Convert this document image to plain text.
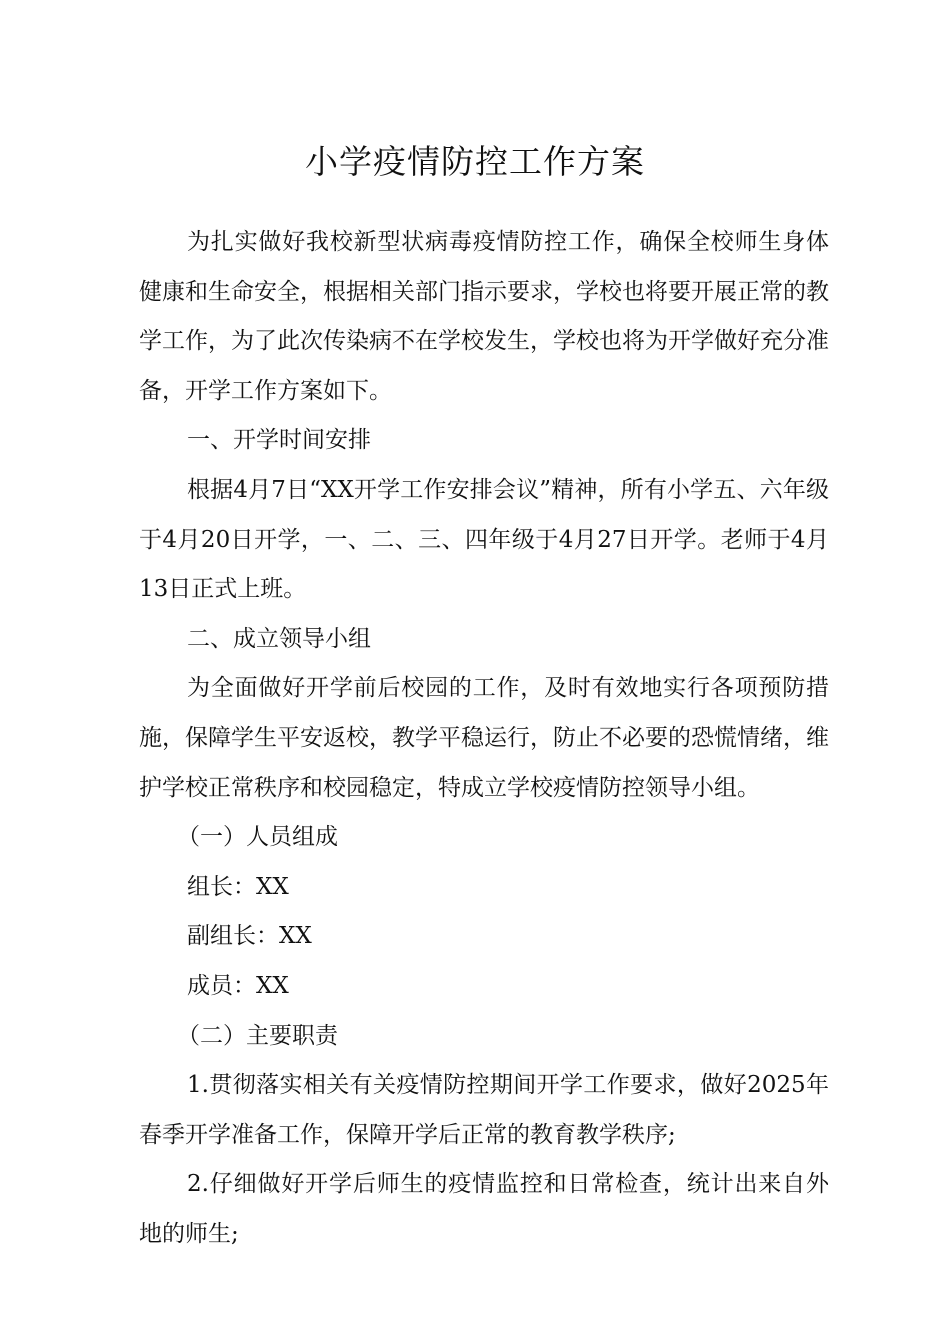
小学疫情防控工作方案

为扎实做好我校新型状病毒疫情防控工作，确保全校师生身体健康和生命安全，根据相关部门指示要求，学校也将要开展正常的教学工作，为了此次传染病不在学校发生，学校也将为开学做好充分准备，开学工作方案如下。

一、开学时间安排

根据4月7日“XX开学工作安排会议”精神，所有小学五、六年级于4月20日开学，一、二、三、四年级于4月27日开学。老师于4月13日正式上班。

二、成立领导小组

为全面做好开学前后校园的工作，及时有效地实行各项预防措施，保障学生平安返校，教学平稳运行，防止不必要的恐慌情绪，维护学校正常秩序和校园稳定，特成立学校疫情防控领导小组。

（一）人员组成

组长：XX

副组长：XX

成员：XX

（二）主要职责

1.贯彻落实相关有关疫情防控期间开学工作要求，做好2025年春季开学准备工作，保障开学后正常的教育教学秩序;

2.仔细做好开学后师生的疫情监控和日常检查，统计出来自外地的师生;
